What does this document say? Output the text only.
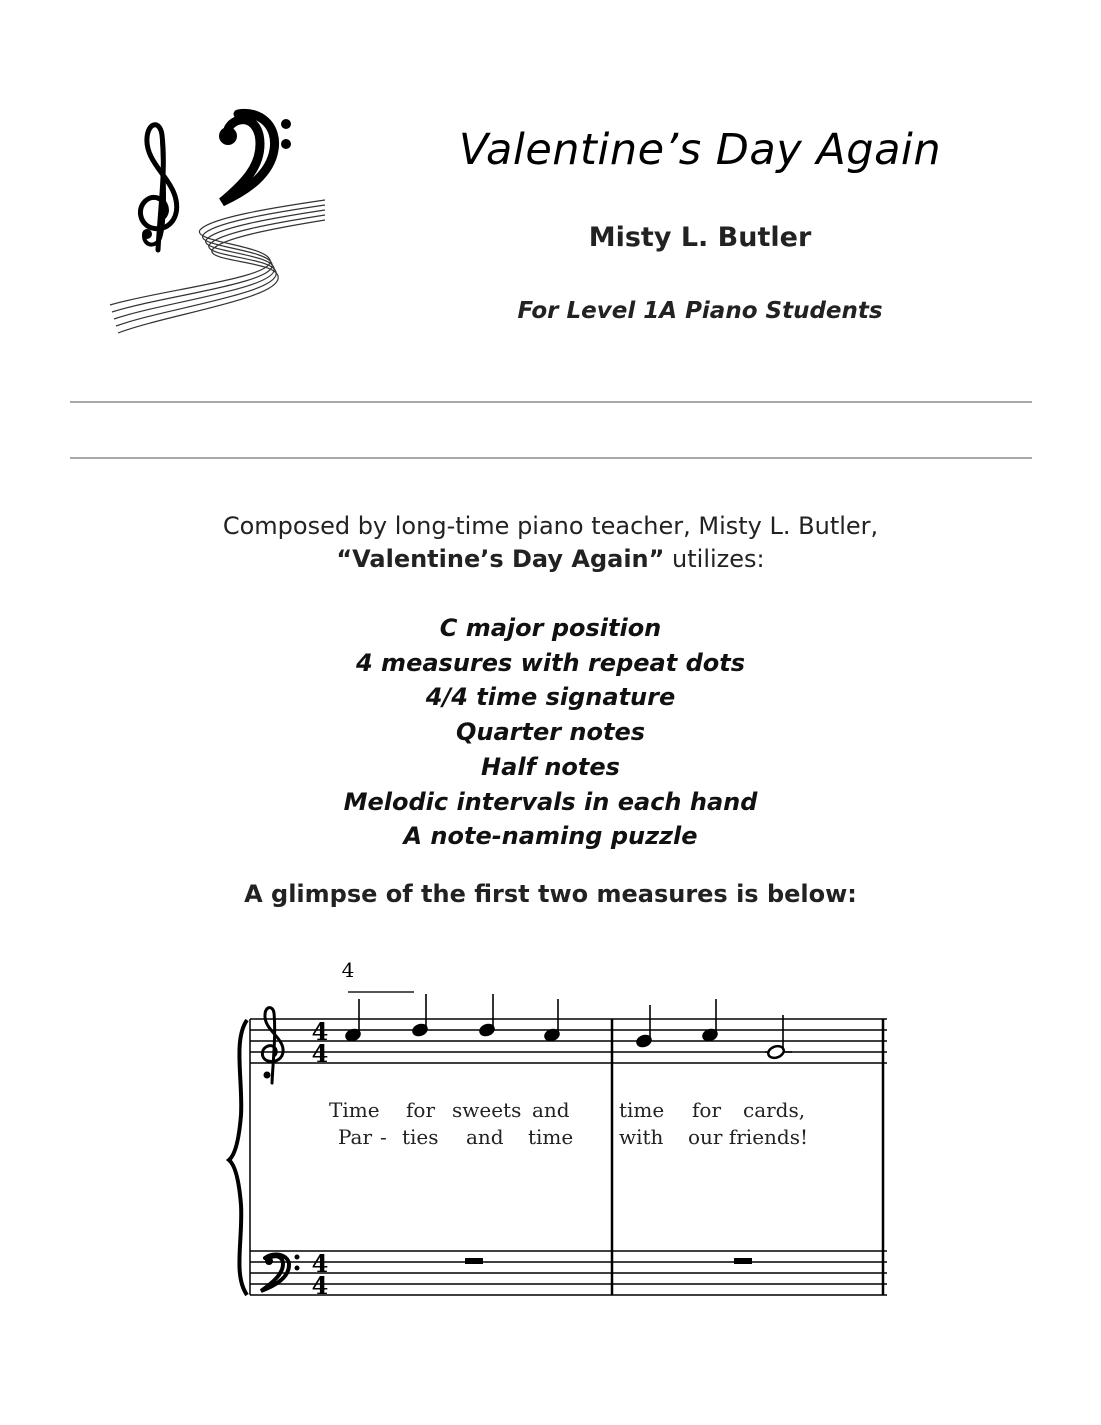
Valentine’s Day Again
Misty L. Butler
For Level 1A Piano Students
Composed by long-time piano teacher, Misty L. Butler,
“Valentine’s Day Again” utilizes:
C major position
4 measures with repeat dots
4/4 time signature
Quarter notes
Half notes
Melodic intervals in each hand
A note-naming puzzle
A glimpse of the first two measures is below:
4
4
4
4
4
Time for sweets and time for cards,
Par - ties and time with our friends!
